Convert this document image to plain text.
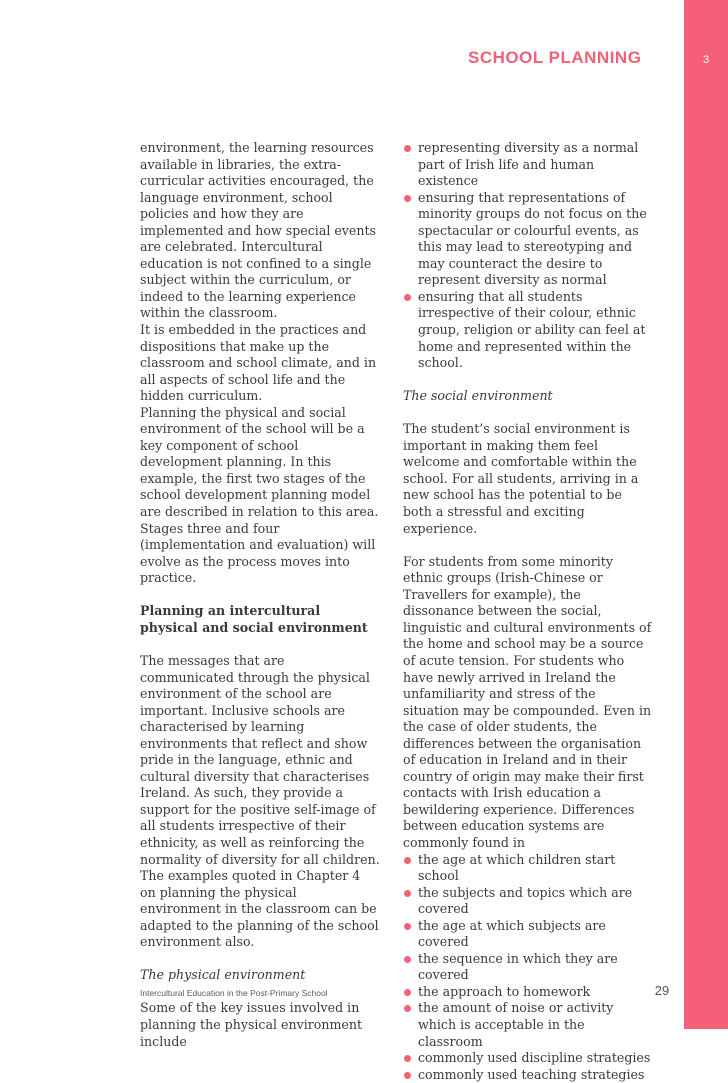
3
SCHOOL PLANNING

environment, the learning resources available in libraries, the extra-curricular activities encouraged, the language environment, school policies and how they are implemented and how special events are celebrated. Intercultural education is not confined to a single subject within the curriculum, or indeed to the learning experience within the classroom.

It is embedded in the practices and dispositions that make up the classroom and school climate, and in all aspects of school life and the hidden curriculum.

Planning the physical and social environment of the school will be a key component of school development planning. In this example, the first two stages of the school development planning model are described in relation to this area. Stages three and four (implementation and evaluation) will evolve as the process moves into practice.

Planning an intercultural physical and social environment

The messages that are communicated through the physical environment of the school are important. Inclusive schools are characterised by learning environments that reflect and show pride in the language, ethnic and cultural diversity that characterises Ireland. As such, they provide a support for the positive self-image of all students irrespective of their ethnicity, as well as reinforcing the normality of diversity for all children. The examples quoted in Chapter 4 on planning the physical environment in the classroom can be adapted to the planning of the school environment also.

The physical environment

Some of the key issues involved in planning the physical environment include

representing diversity as a normal part of Irish life and human existence
ensuring that representations of minority groups do not focus on the spectacular or colourful events, as this may lead to stereotyping and may counteract the desire to represent diversity as normal
ensuring that all students irrespective of their colour, ethnic group, religion or ability can feel at home and represented within the school.

The social environment

The student’s social environment is important in making them feel welcome and comfortable within the school. For all students, arriving in a new school has the potential to be both a stressful and exciting experience.

For students from some minority ethnic groups (Irish-Chinese or Travellers for example), the dissonance between the social, linguistic and cultural environments of the home and school may be a source of acute tension. For students who have newly arrived in Ireland the unfamiliarity and stress of the situation may be compounded. Even in the case of older students, the differences between the organisation of education in Ireland and in their country of origin may make their first contacts with Irish education a bewildering experience. Differences between education systems are commonly found in

the age at which children start school
the subjects and topics which are covered
the age at which subjects are covered
the sequence in which they are covered
the approach to homework
the amount of noise or activity which is acceptable in the classroom
commonly used discipline strategies
commonly used teaching strategies
Intercultural Education in the Post-Primary School	29
